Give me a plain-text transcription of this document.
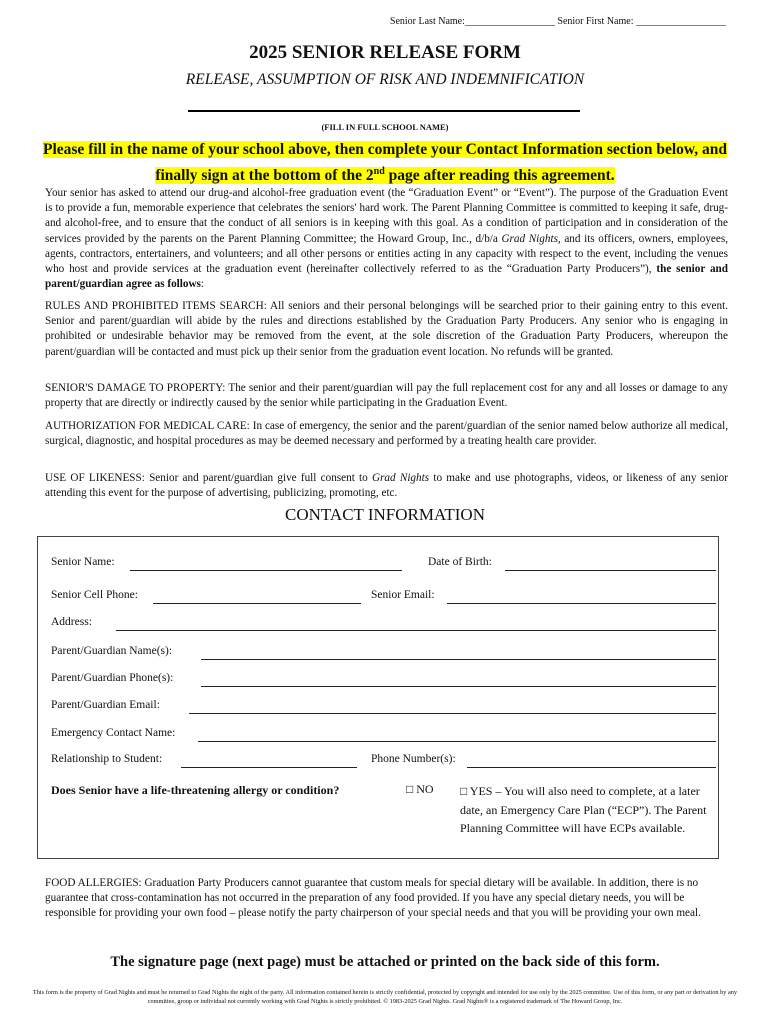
Senior Last Name:__________________ Senior First Name: __________________
2025 SENIOR RELEASE FORM
RELEASE, ASSUMPTION OF RISK AND INDEMNIFICATION
(FILL IN FULL SCHOOL NAME)
Please fill in the name of your school above, then complete your Contact Information section below, and finally sign at the bottom of the 2nd page after reading this agreement.
Your senior has asked to attend our drug-and alcohol-free graduation event (the “Graduation Event” or “Event”). The purpose of the Graduation Event is to provide a fun, memorable experience that celebrates the seniors' hard work. The Parent Planning Committee is committed to keeping it safe, drug- and alcohol-free, and to ensure that the conduct of all seniors is in keeping with this goal. As a condition of participation and in consideration of the services provided by the parents on the Parent Planning Committee; the Howard Group, Inc., d/b/a Grad Nights, and its officers, owners, employees, agents, contractors, entertainers, and volunteers; and all other persons or entities acting in any capacity with respect to the event, including the venues who host and provide services at the graduation event (hereinafter collectively referred to as the “Graduation Party Producers”), the senior and parent/guardian agree as follows:
RULES AND PROHIBITED ITEMS SEARCH: All seniors and their personal belongings will be searched prior to their gaining entry to this event. Senior and parent/guardian will abide by the rules and directions established by the Graduation Party Producers. Any senior who is engaging in prohibited or undesirable behavior may be removed from the event, at the sole discretion of the Graduation Party Producers, whereupon the parent/guardian will be contacted and must pick up their senior from the graduation event location. No refunds will be granted.
SENIOR'S DAMAGE TO PROPERTY: The senior and their parent/guardian will pay the full replacement cost for any and all losses or damage to any property that are directly or indirectly caused by the senior while participating in the Graduation Event.
AUTHORIZATION FOR MEDICAL CARE: In case of emergency, the senior and the parent/guardian of the senior named below authorize all medical, surgical, diagnostic, and hospital procedures as may be deemed necessary and performed by a treating health care provider.
USE OF LIKENESS: Senior and parent/guardian give full consent to Grad Nights to make and use photographs, videos, or likeness of any senior attending this event for the purpose of advertising, publicizing, promoting, etc.
CONTACT INFORMATION
Senior Name:	Date of Birth:
Senior Cell Phone:	Senior Email:
Address:
Parent/Guardian Name(s):
Parent/Guardian Phone(s):
Parent/Guardian Email:
Emergency Contact Name:
Relationship to Student:	Phone Number(s):
Does Senior have a life-threatening allergy or condition?	□ NO □ YES – You will also need to complete, at a later date, an Emergency Care Plan (“ECP”). The Parent Planning Committee will have ECPs available.
FOOD ALLERGIES: Graduation Party Producers cannot guarantee that custom meals for special dietary will be available. In addition, there is no guarantee that cross-contamination has not occurred in the preparation of any food provided. If you have any special dietary needs, you will be responsible for providing your own food – please notify the party chairperson of your special needs and that you will be providing your own meal.
The signature page (next page) must be attached or printed on the back side of this form.
This form is the property of Grad Nights and must be returned to Grad Nights the night of the party. All information contained herein is strictly confidential, protected by copyright and intended for use only by the 2025 committee. Use of this form, or any part or derivation by any committee, group or individual not currently working with Grad Nights is strictly prohibited. © 1983-2025 Grad Nights. Grad Nights® is a registered trademark of The Howard Group, Inc.
